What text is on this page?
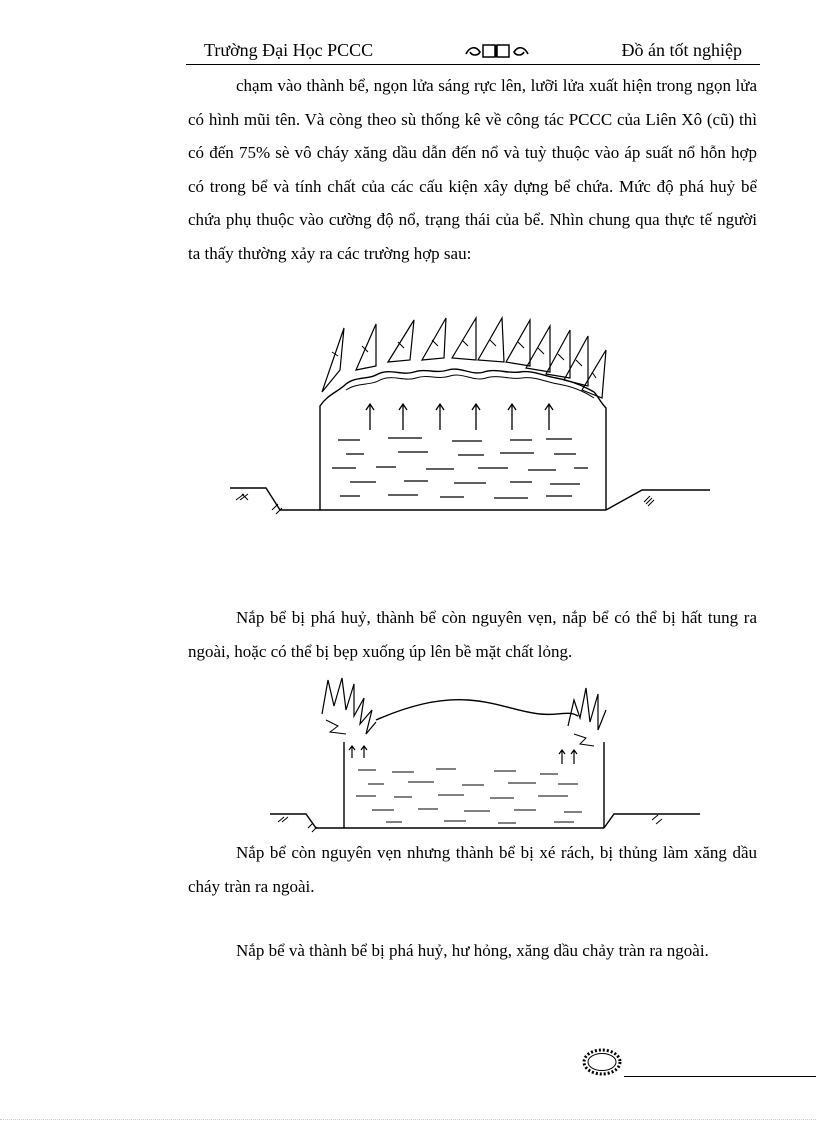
Trường Đại Học PCCC	Đồ án tốt nghiệp

chạm vào thành bể, ngọn lửa sáng rực lên, lưỡi lửa xuất hiện trong ngọn lửa có hình mũi tên. Và còng theo sù thống kê về công tác PCCC của Liên Xô (cũ) thì có đến 75% sè vô cháy xăng dầu dẫn đến nổ và tuỳ thuộc vào áp suất nổ hỗn hợp có trong bể và tính chất của các cấu kiện xây dựng bể chứa. Mức độ phá huỷ bể chứa phụ thuộc vào cường độ nổ, trạng thái của bể. Nhìn chung qua thực tế người ta thấy thường xảy ra các trường hợp sau:

Nắp bể bị phá huỷ, thành bể còn nguyên vẹn, nắp bể có thể bị hất tung ra ngoài, hoặc có thể bị bẹp xuống úp lên bề mặt chất lỏng.

Nắp bể còn nguyên vẹn nhưng thành bể bị xé rách, bị thủng làm xăng dầu cháy tràn ra ngoài.

Nắp bể và thành bể bị phá huỷ, hư hỏng, xăng dầu chảy tràn ra ngoài.
